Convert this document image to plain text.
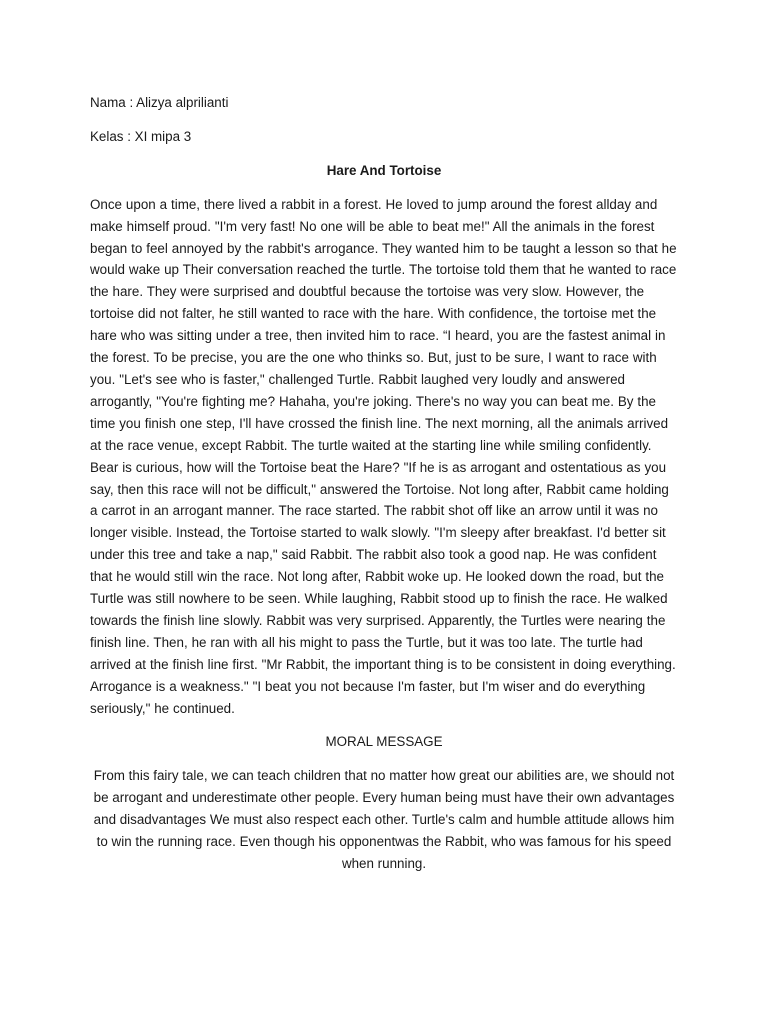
Nama : Alizya alprilianti

Kelas : XI mipa 3

Hare And Tortoise

Once upon a time, there lived a rabbit in a forest. He loved to jump around the forest allday and make himself proud. "I'm very fast! No one will be able to beat me!" All the animals in the forest began to feel annoyed by the rabbit's arrogance. They wanted him to be taught a lesson so that he would wake up Their conversation reached the turtle. The tortoise told them that he wanted to race the hare. They were surprised and doubtful because the tortoise was very slow. However, the tortoise did not falter, he still wanted to race with the hare. With confidence, the tortoise met the hare who was sitting under a tree, then invited him to race. “I heard, you are the fastest animal in the forest. To be precise, you are the one who thinks so. But, just to be sure, I want to race with you. "Let's see who is faster," challenged Turtle. Rabbit laughed very loudly and answered arrogantly, "You're fighting me? Hahaha, you're joking. There's no way you can beat me. By the time you finish one step, I'll have crossed the finish line. The next morning, all the animals arrived at the race venue, except Rabbit. The turtle waited at the starting line while smiling confidently. Bear is curious, how will the Tortoise beat the Hare? "If he is as arrogant and ostentatious as you say, then this race will not be difficult," answered the Tortoise. Not long after, Rabbit came holding a carrot in an arrogant manner. The race started. The rabbit shot off like an arrow until it was no longer visible. Instead, the Tortoise started to walk slowly. "I'm sleepy after breakfast. I'd better sit under this tree and take a nap," said Rabbit. The rabbit also took a good nap. He was confident that he would still win the race. Not long after, Rabbit woke up. He looked down the road, but the Turtle was still nowhere to be seen. While laughing, Rabbit stood up to finish the race. He walked towards the finish line slowly. Rabbit was very surprised. Apparently, the Turtles were nearing the finish line. Then, he ran with all his might to pass the Turtle, but it was too late. The turtle had arrived at the finish line first. "Mr Rabbit, the important thing is to be consistent in doing everything. Arrogance is a weakness." "I beat you not because I'm faster, but I'm wiser and do everything seriously," he continued.

MORAL MESSAGE

From this fairy tale, we can teach children that no matter how great our abilities are, we should not be arrogant and underestimate other people. Every human being must have their own advantages and disadvantages We must also respect each other. Turtle's calm and humble attitude allows him to win the running race. Even though his opponentwas the Rabbit, who was famous for his speed when running.
